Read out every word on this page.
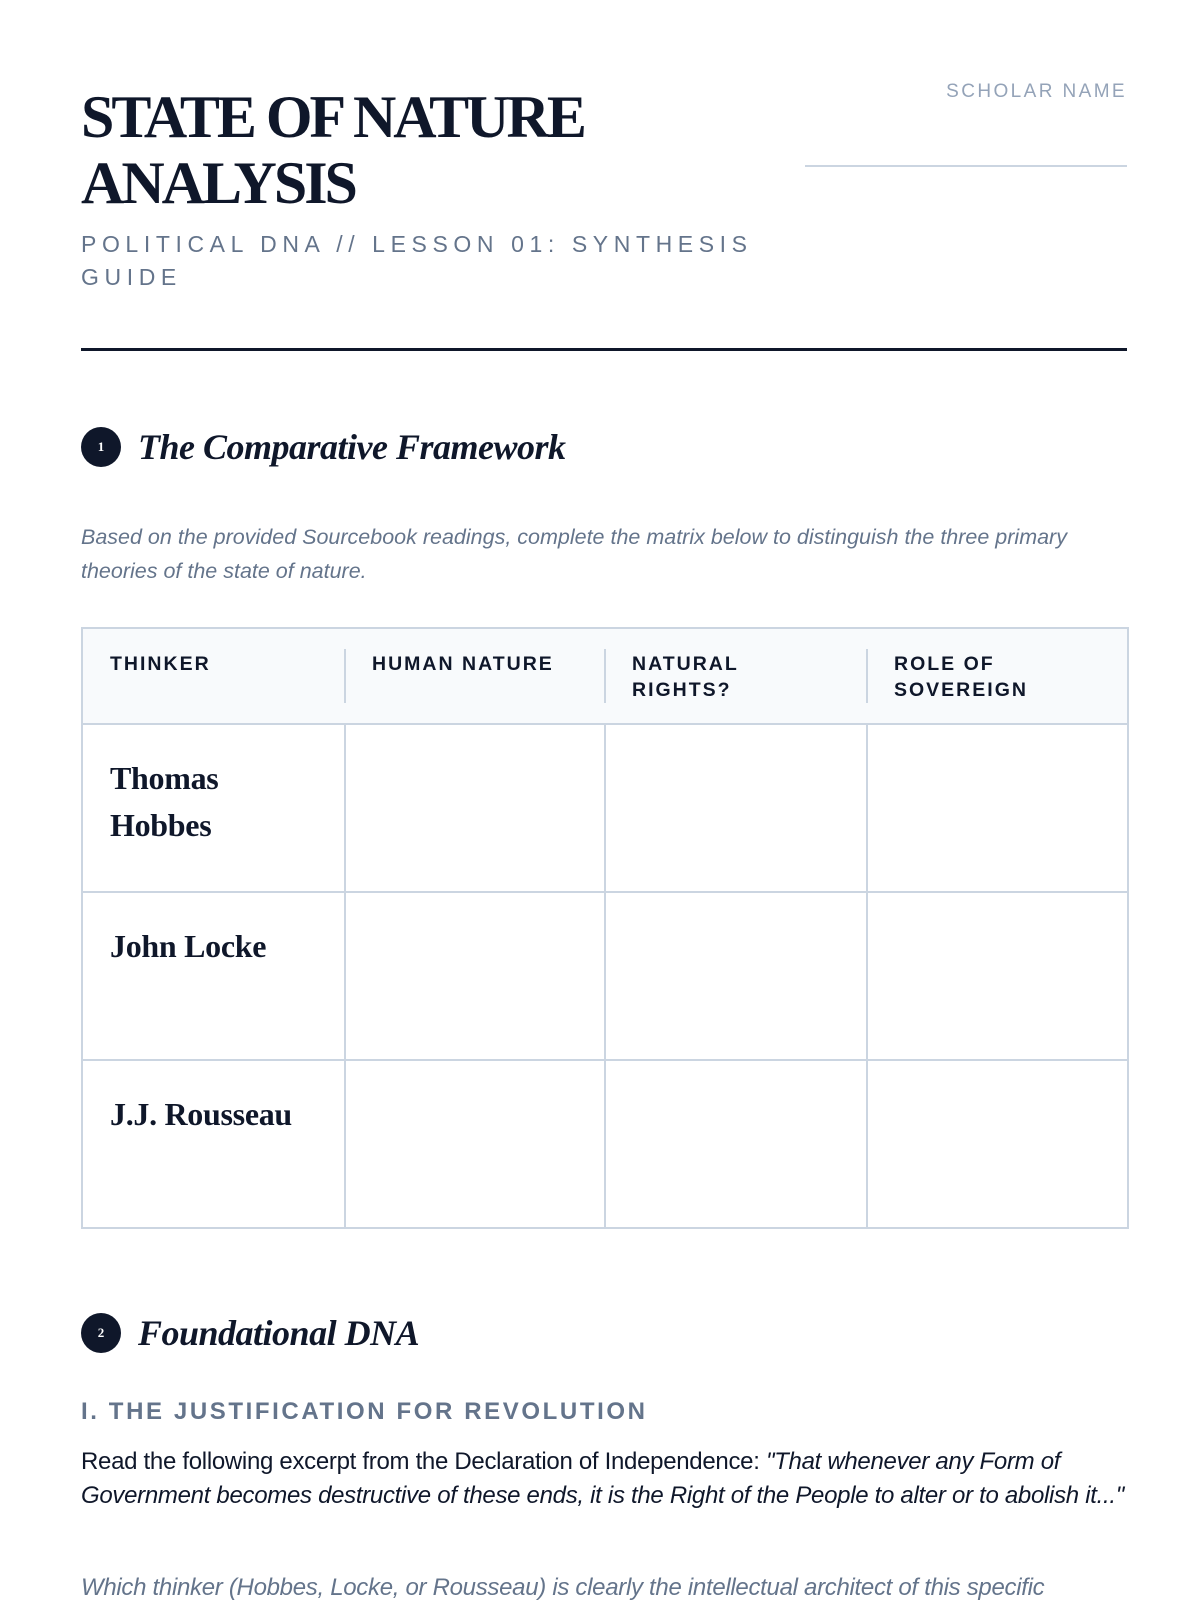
STATE OF NATURE
ANALYSIS
POLITICAL DNA // LESSON 01: SYNTHESIS GUIDE
SCHOLAR NAME
1 The Comparative Framework

Based on the provided Sourcebook readings, complete the matrix below to distinguish the three primary theories of the state of nature.

THINKER	HUMAN NATURE	NATURAL RIGHTS?	ROLE OF SOVEREIGN
Thomas Hobbes			
John Locke			
J.J. Rousseau			
2 Foundational DNA
I. THE JUSTIFICATION FOR REVOLUTION

Read the following excerpt from the Declaration of Independence: "That whenever any Form of Government becomes destructive of these ends, it is the Right of the People to alter or to abolish it..."

Which thinker (Hobbes, Locke, or Rousseau) is clearly the intellectual architect of this specific
